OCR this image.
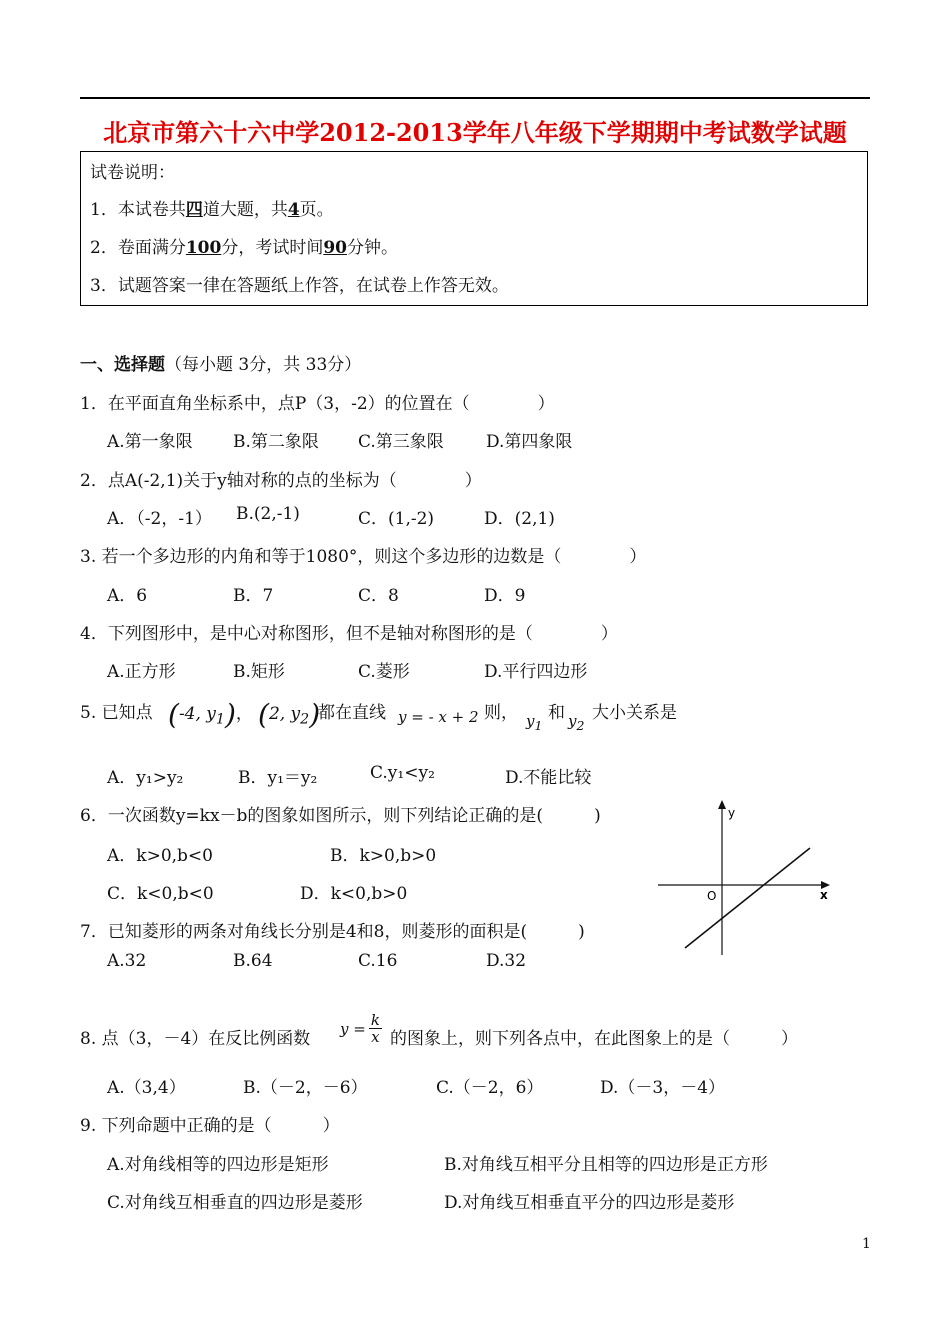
北京市第六十六中学2012-2013学年八年级下学期期中考试数学试题
试卷说明：
1．本试卷共四道大题，共4页。
2．卷面满分100分，考试时间90分钟。
3．试题答案一律在答题纸上作答，在试卷上作答无效。
一、选择题（每小题 3分，共 33分）
1．在平面直角坐标系中，点P（3，-2）的位置在（　　　　）
A.第一象限 B.第二象限 C.第三象限 D.第四象限
2．点A(-2,1)关于y轴对称的点的坐标为（　　　　）
A．（-2，-1） B.(2,-1)	C．(1,-2)	D．(2,1)
3. 若一个多边形的内角和等于1080°，则这个多边形的边数是（　　　　）
A．6	B．7	C．8	D．9
4．下列图形中，是中心对称图形，但不是轴对称图形的是（　　　　）
A.正方形	B.矩形	C.菱形	D.平行四边形
5. 已知点 (-4, $y_1$)， (2, $y_2$)
都在直线 y = - x + 2 则， $y_1$
和 $y_2$
大小关系是
A．y₁>y₂	B．y₁＝y₂	C.y₁<y₂	D.不能比较
6．一次函数y=kx－b的图象如图所示，则下列结论正确的是(　　　)
A．k>0,b<0	B．k>0,b>0
C．k<0,b<0	D．k<0,b>0
y
x
O
7．已知菱形的两条对角线长分别是4和8，则菱形的面积是(　　　)
A.32	B.64	C.16	D.32
8. 点（3，－4）在反比例函数
$y = \frac{k}{x}$ 的图象上，则下列各点中，在此图象上的是（　　　）
A.（3,4）	B.（－2，－6）	C.（－2，6）	D.（－3，－4）
9. 下列命题中正确的是（　　　）
A.对角线相等的四边形是矩形	B.对角线互相平分且相等的四边形是正方形
C.对角线互相垂直的四边形是菱形	D.对角线互相垂直平分的四边形是菱形
1
